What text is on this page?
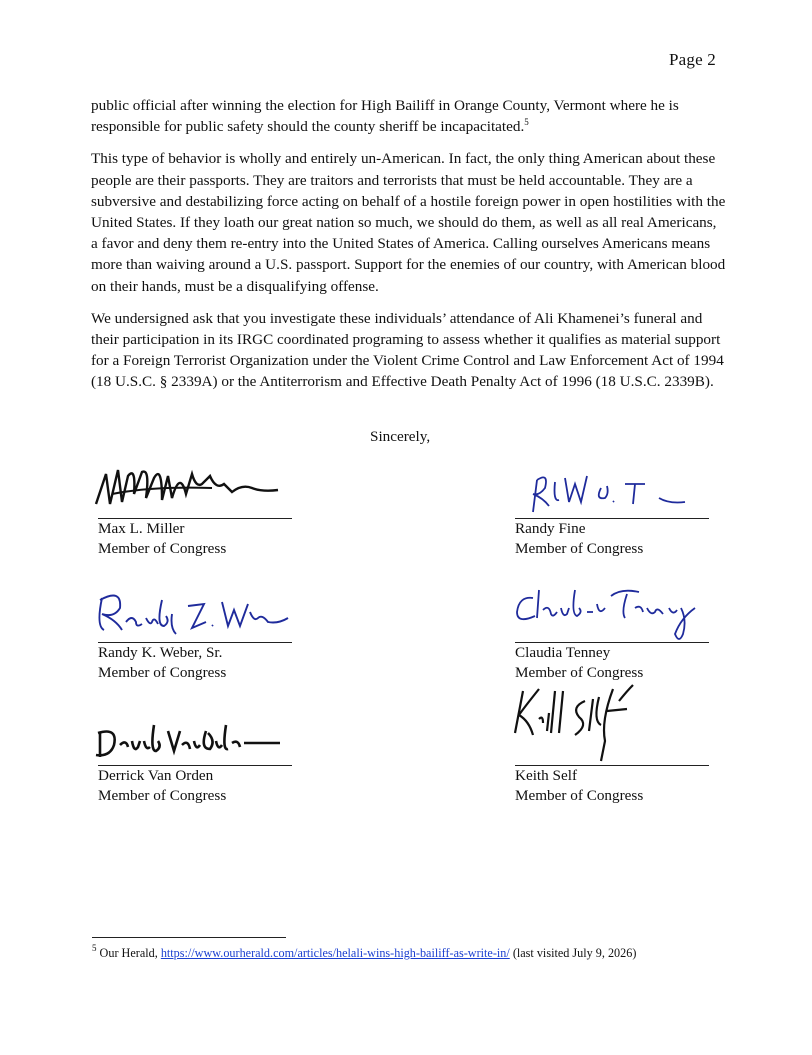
Page 2

public official after winning the election for High Bailiff in Orange County, Vermont where he is responsible for public safety should the county sheriff be incapacitated.$^5$

This type of behavior is wholly and entirely un-American. In fact, the only thing American about these people are their passports. They are traitors and terrorists that must be held accountable. They are a subversive and destabilizing force acting on behalf of a hostile foreign power in open hostilities with the United States. If they loath our great nation so much, we should do them, as well as all real Americans, a favor and deny them re-entry into the United States of America. Calling ourselves Americans means more than waiving around a U.S. passport. Support for the enemies of our country, with American blood on their hands, must be a disqualifying offense.

We undersigned ask that you investigate these individuals’ attendance of Ali Khamenei’s funeral and their participation in its IRGC coordinated programing to assess whether it qualifies as material support for a Foreign Terrorist Organization under the Violent Crime Control and Law Enforcement Act of 1994 (18 U.S.C. § 2339A) or the Antiterrorism and Effective Death Penalty Act of 1996 (18 U.S.C. 2339B).

Sincerely,
Max L. Miller
Member of Congress
Randy Fine
Member of Congress
Randy K. Weber, Sr.
Member of Congress
Claudia Tenney
Member of Congress
Derrick Van Orden
Member of Congress
Keith Self
Member of Congress
$^5$ Our Herald, https://www.ourherald.com/articles/helali-wins-high-bailiff-as-write-in/ (last visited July 9, 2026)
